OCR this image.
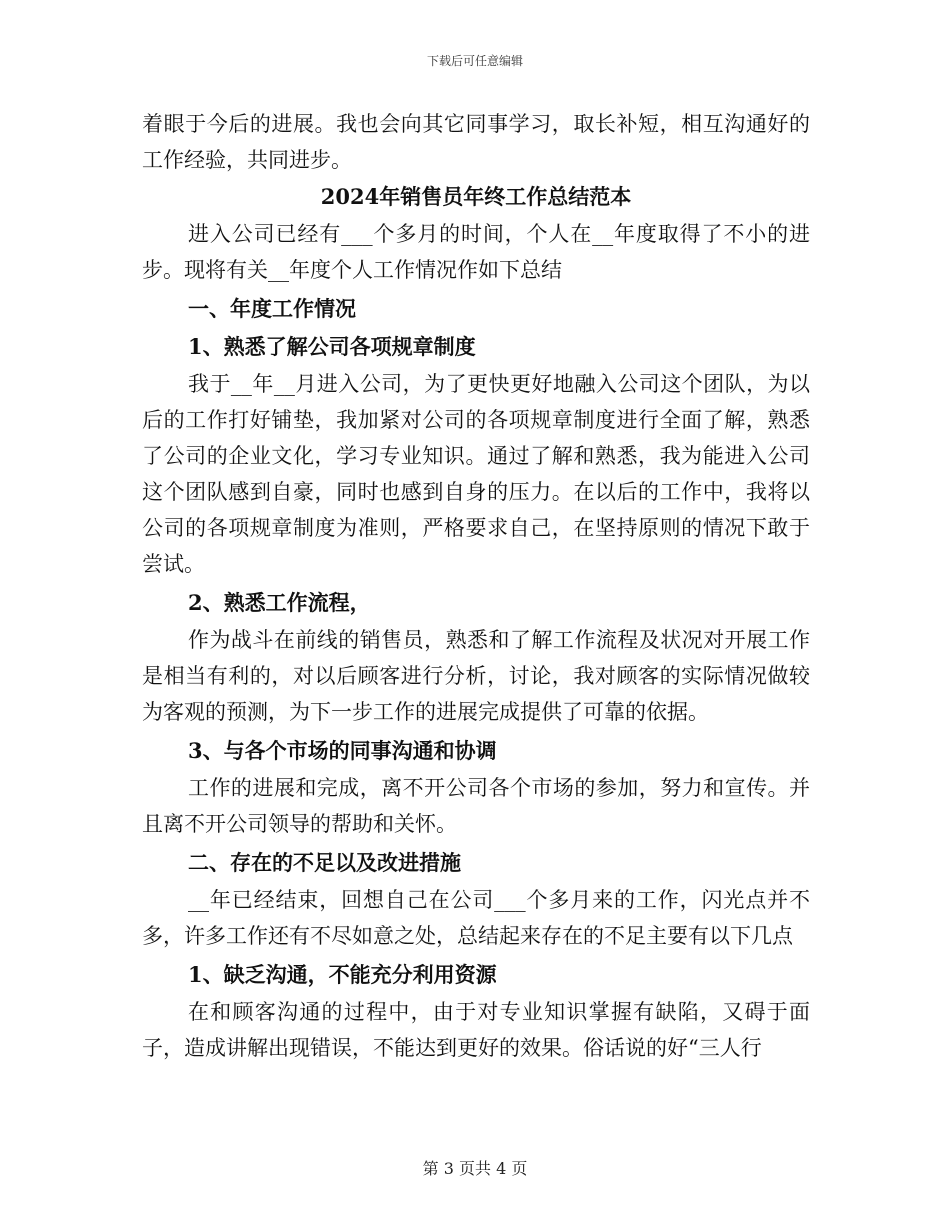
下载后可任意编辑

着眼于今后的进展。我也会向其它同事学习，取长补短，相互沟通好的工作经验，共同进步。

2024年销售员年终工作总结范本

进入公司已经有___个多月的时间，个人在__年度取得了不小的进步。现将有关__年度个人工作情况作如下总结

一、年度工作情况

1、熟悉了解公司各项规章制度

我于__年__月进入公司，为了更快更好地融入公司这个团队，为以后的工作打好铺垫，我加紧对公司的各项规章制度进行全面了解，熟悉了公司的企业文化，学习专业知识。通过了解和熟悉，我为能进入公司这个团队感到自豪，同时也感到自身的压力。在以后的工作中，我将以公司的各项规章制度为准则，严格要求自己，在坚持原则的情况下敢于尝试。

2、熟悉工作流程，

作为战斗在前线的销售员，熟悉和了解工作流程及状况对开展工作是相当有利的，对以后顾客进行分析，讨论，我对顾客的实际情况做较为客观的预测，为下一步工作的进展完成提供了可靠的依据。

3、与各个市场的同事沟通和协调

工作的进展和完成，离不开公司各个市场的参加，努力和宣传。并且离不开公司领导的帮助和关怀。

二、存在的不足以及改进措施

__年已经结束，回想自己在公司___个多月来的工作，闪光点并不多，许多工作还有不尽如意之处，总结起来存在的不足主要有以下几点

1、缺乏沟通，不能充分利用资源

在和顾客沟通的过程中，由于对专业知识掌握有缺陷，又碍于面子，造成讲解出现错误，不能达到更好的效果。俗话说的好“三人行

第 3 页共 4 页
